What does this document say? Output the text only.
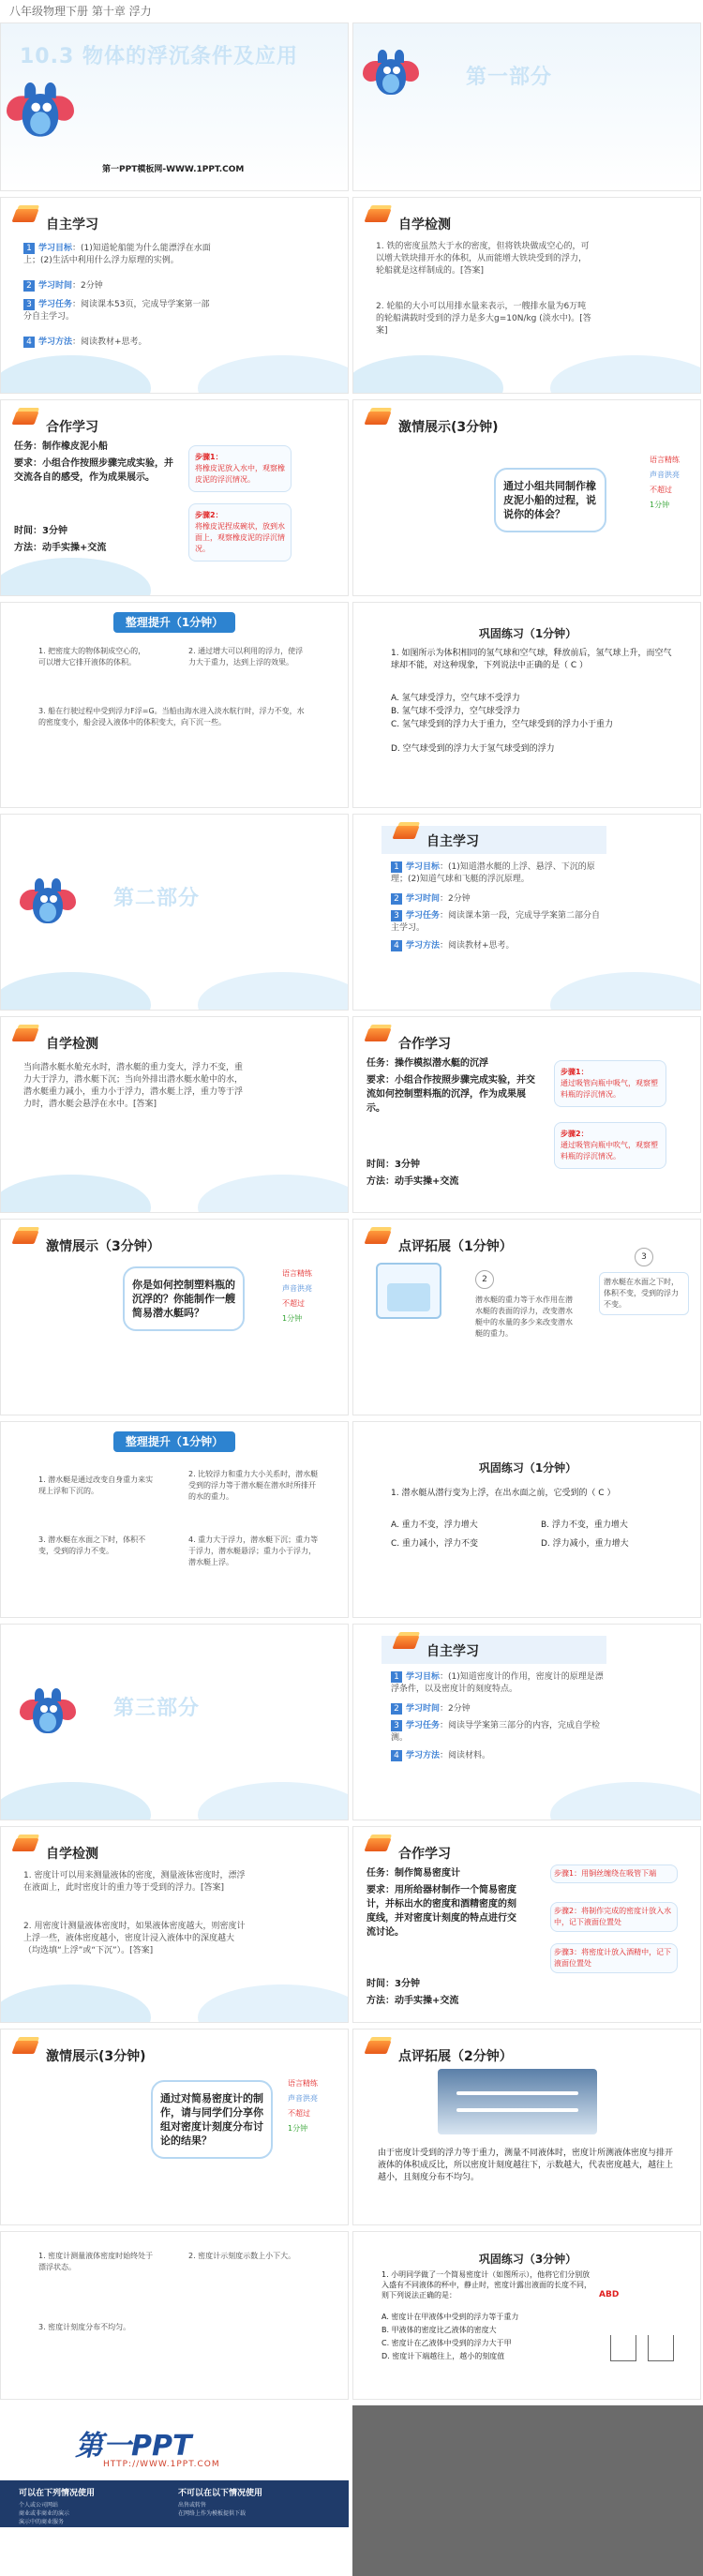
八年级物理下册 第十章 浮力
10.3 物体的浮沉条件及应用
第一PPT模板网-WWW.1PPT.COM
第一部分
自主学习
1 学习目标：(1)知道轮船能为什么能漂浮在水面上；(2)生活中利用什么浮力原理的实例。
2 学习时间：2分钟
3 学习任务：阅读课本53页，完成导学案第一部分自主学习。
4 学习方法：阅读教材+思考。
自学检测
1. 铁的密度虽然大于水的密度，但将铁块做成空心的，可以增大铁块排开水的体积，从而能增大铁块受到的浮力，轮船就是这样制成的。[答案]
2. 轮船的大小可以用排水量来表示，一艘排水量为6万吨的轮船满载时受到的浮力是多大g=10N/kg (淡水中)。[答案]
合作学习
任务：制作橡皮泥小船
要求：小组合作按照步骤完成实验，并交流各自的感受，作为成果展示。
时间：3分钟
方法：动手实操+交流
步骤1：
将橡皮泥放入水中，观察橡皮泥的浮沉情况。
步骤2：
将橡皮泥捏成碗状，放到水面上，观察橡皮泥的浮沉情况。
激情展示(3分钟)
通过小组共同制作橡皮泥小船的过程，说说你的体会？
语言精练
声音洪亮
不超过
1分钟
整理提升（1分钟）
1. 把密度大的物体制成空心的，可以增大它排开液体的体积。
2. 通过增大可以利用的浮力，使浮力大于重力，达到上浮的效果。
3. 船在行驶过程中受到浮力F浮=G。当船由海水进入淡水航行时，浮力不变，水的密度变小，船会浸入液体中的体积变大，向下沉一些。
巩固练习（1分钟）
1. 如图所示为体积相同的氢气球和空气球，释放前后，氢气球上升，而空气球却不能，对这种现象，下列说法中正确的是（ C ）
A. 氢气球受浮力，空气球不受浮力
B. 氢气球不受浮力，空气球受浮力
C. 氢气球受到的浮力大于重力，空气球受到的浮力小于重力
D. 空气球受到的浮力大于氢气球受到的浮力
第二部分
自主学习
1 学习目标：(1)知道潜水艇的上浮、悬浮、下沉的原理；(2)知道气球和飞艇的浮沉原理。
2 学习时间：2分钟
3 学习任务：阅读课本第一段，完成导学案第二部分自主学习。
4 学习方法：阅读教材+思考。
自学检测
当向潜水艇水舱充水时，潜水艇的重力变大，浮力不变，重力大于浮力，潜水艇下沉；当向外排出潜水艇水舱中的水，潜水艇重力减小，重力小于浮力，潜水艇上浮，重力等于浮力时，潜水艇会悬浮在水中。[答案]
合作学习
任务：操作模拟潜水艇的沉浮
要求：小组合作按照步骤完成实验，并交流如何控制塑料瓶的沉浮，作为成果展示。
时间：3分钟
方法：动手实操+交流
步骤1：
通过吸管向瓶中吸气，观察塑料瓶的浮沉情况。
步骤2：
通过吸管向瓶中吹气，观察塑料瓶的浮沉情况。
激情展示（3分钟）
你是如何控制塑料瓶的沉浮的？你能制作一艘简易潜水艇吗？
语言精练
声音洪亮
不超过
1分钟
点评拓展（1分钟）
2
潜水艇的重力等于水作用在潜水艇的表面的浮力，改变潜水艇中的水量的多少来改变潜水艇的重力。
3
潜水艇在水面之下时，体积不变，受到的浮力不变。
整理提升（1分钟）
1. 潜水艇是通过改变自身重力来实现上浮和下沉的。
2. 比较浮力和重力大小关系时，潜水艇受到的浮力等于潜水艇在潜水时所排开的水的重力。
3. 潜水艇在水面之下时，体积不变，受到的浮力不变。
4. 重力大于浮力，潜水艇下沉；重力等于浮力，潜水艇悬浮；重力小于浮力，潜水艇上浮。
巩固练习（1分钟）
1. 潜水艇从潜行变为上浮，在出水面之前，它受到的（ C ）
A. 重力不变，浮力增大	B. 浮力不变，重力增大
C. 重力减小，浮力不变	D. 浮力减小，重力增大
第三部分
自主学习
1 学习目标：(1)知道密度计的作用，密度计的原理是漂浮条件，以及密度计的刻度特点。
2 学习时间：2分钟
3 学习任务：阅读导学案第三部分的内容，完成自学检测。
4 学习方法：阅读材料。
自学检测
1. 密度计可以用来测量液体的密度，测量液体密度时，漂浮在液面上，此时密度计的重力等于受到的浮力。[答案]
2. 用密度计测量液体密度时，如果液体密度越大，则密度计上浮一些，液体密度越小，密度计浸入液体中的深度越大（均选填“上浮”或“下沉”）。[答案]
合作学习
任务：制作简易密度计
要求：用所给器材制作一个简易密度计，并标出水的密度和酒精密度的刻度线，并对密度计刻度的特点进行交流讨论。
时间：3分钟
方法：动手实操+交流
步骤1：用铜丝缠绕在吸管下端
步骤2：将制作完成的密度计放入水中，记下液面位置处
步骤3：将密度计放入酒精中，记下液面位置处
激情展示(3分钟)
通过对简易密度计的制作，请与同学们分享你组对密度计刻度分布讨论的结果？
语言精练
声音洪亮
不超过
1分钟
点评拓展（2分钟）
由于密度计受到的浮力等于重力，测量不同液体时，密度计所测液体密度与排开液体的体积成反比，所以密度计刻度越往下，示数越大，代表密度越大，越往上越小，且刻度分布不均匀。
1. 密度计测量液体密度时始终处于漂浮状态。
2. 密度计示刻度示数上小下大。
3. 密度计刻度分布不均匀。
巩固练习（3分钟）
1. 小明同学做了一个简易密度计（如图所示），他将它们分别放入盛有不同液体的杯中，静止时，密度计露出液面的长度不同，则下列说法正确的是：	ABD
A. 密度计在甲液体中受到的浮力等于重力
B. 甲液体的密度比乙液体的密度大
C. 密度计在乙液体中受到的浮力大于甲
D. 密度计下端越往上，越小的刻度值
第一PPT
HTTP://WWW.1PPT.COM
可以在下列情况使用	不可以在以下情况使用
个人或公司网站
商业或非商业的演示
演示中的商业服务
出售或转售
在网络上作为模板提供下载
